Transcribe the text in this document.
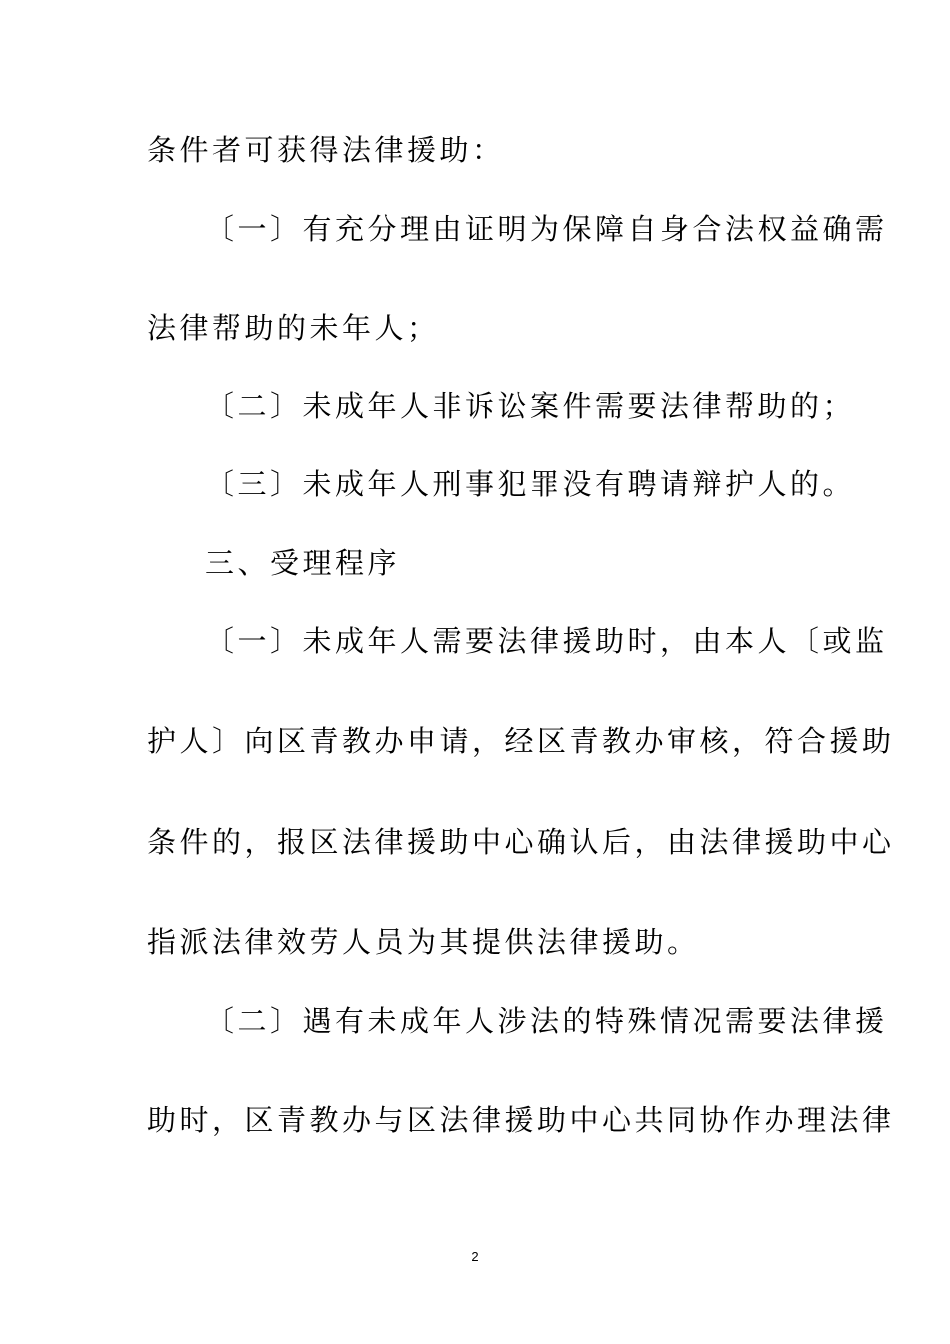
条件者可获得法律援助：
〔一〕有充分理由证明为保障自身合法权益确需
法律帮助的未年人；
〔二〕未成年人非诉讼案件需要法律帮助的；
〔三〕未成年人刑事犯罪没有聘请辩护人的。
三、受理程序
〔一〕未成年人需要法律援助时，由本人〔或监
护人〕向区青教办申请，经区青教办审核，符合援助
条件的，报区法律援助中心确认后，由法律援助中心
指派法律效劳人员为其提供法律援助。
〔二〕遇有未成年人涉法的特殊情况需要法律援
助时，区青教办与区法律援助中心共同协作办理法律
2
